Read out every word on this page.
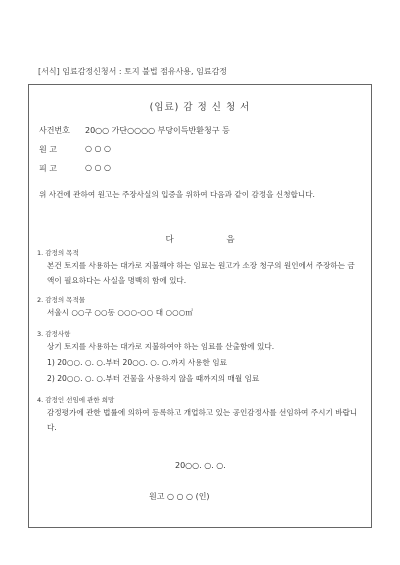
[서식] 임료감정신청서 : 토지 불법 점유사용, 임료감정
(임료) 감 정 신 청 서
사건번호 20○○ 가단○○○○ 부당이득반환청구 등
원 고	○ ○ ○
피 고	○ ○ ○
위 사건에 관하여 원고는 주장사실의 입증을 위하여 다음과 같이 감정을 신청합니다.
다 음
1. 감정의 목적
본건 토지를 사용하는 대가로 지불해야 하는 임료는 원고가 소장 청구의 원인에서 주장하는 금액이 필요하다는 사실을 명백히 함에 있다.
2. 감정의 목적물
서울시 ○○구 ○○동 ○○○-○○ 대 ○○○㎡
3. 감정사항
상기 토지를 사용하는 대가로 지불하여야 하는 임료를 산출함에 있다.
1) 20○○. ○. ○.부터 20○○. ○. ○.까지 사용한 임료
2) 20○○. ○. ○.부터 건물을 사용하지 않을 때까지의 매월 임료
4. 감정인 선임에 관한 희망
감정평가에 관한 법률에 의하여 등록하고 개업하고 있는 공인감정사를 선임하여 주시기 바랍니다.
20○○. ○. ○.
원고 ○ ○ ○ (인)
